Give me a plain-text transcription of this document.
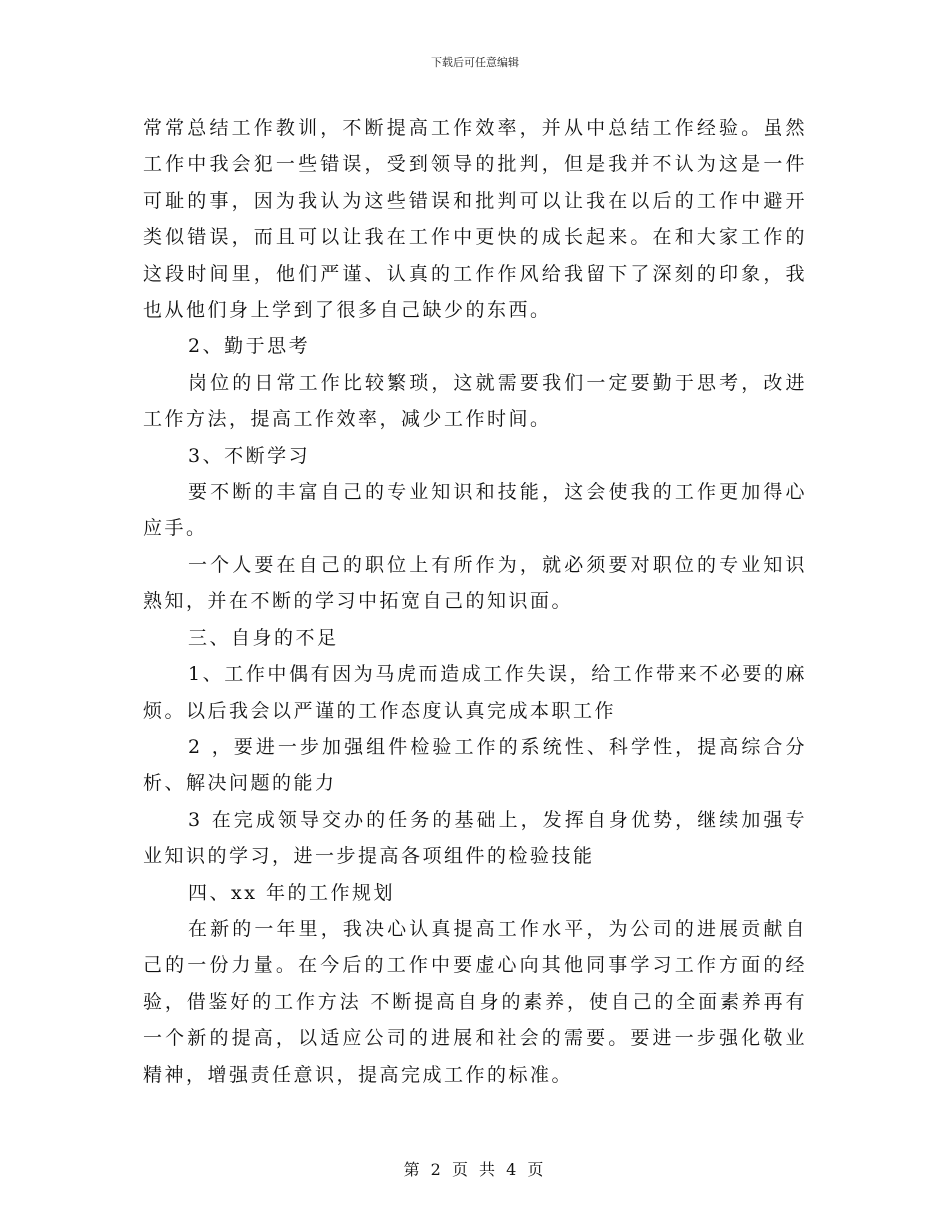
下载后可任意编辑

常常总结工作教训，不断提高工作效率，并从中总结工作经验。虽然工作中我会犯一些错误，受到领导的批判，但是我并不认为这是一件可耻的事，因为我认为这些错误和批判可以让我在以后的工作中避开类似错误，而且可以让我在工作中更快的成长起来。在和大家工作的这段时间里，他们严谨、认真的工作作风给我留下了深刻的印象，我也从他们身上学到了很多自己缺少的东西。

2、勤于思考

岗位的日常工作比较繁琐，这就需要我们一定要勤于思考，改进工作方法，提高工作效率，减少工作时间。

3、不断学习

要不断的丰富自己的专业知识和技能，这会使我的工作更加得心应手。

一个人要在自己的职位上有所作为，就必须要对职位的专业知识熟知，并在不断的学习中拓宽自己的知识面。

三、自身的不足

1、工作中偶有因为马虎而造成工作失误，给工作带来不必要的麻烦。以后我会以严谨的工作态度认真完成本职工作

2 ，要进一步加强组件检验工作的系统性、科学性，提高综合分析、解决问题的能力

3 在完成领导交办的任务的基础上，发挥自身优势，继续加强专业知识的学习，进一步提高各项组件的检验技能

四、xx 年的工作规划

在新的一年里，我决心认真提高工作水平，为公司的进展贡献自己的一份力量。在今后的工作中要虚心向其他同事学习工作方面的经验，借鉴好的工作方法 不断提高自身的素养，使自己的全面素养再有一个新的提高，以适应公司的进展和社会的需要。要进一步强化敬业精神，增强责任意识，提高完成工作的标准。

第 2 页 共 4 页
